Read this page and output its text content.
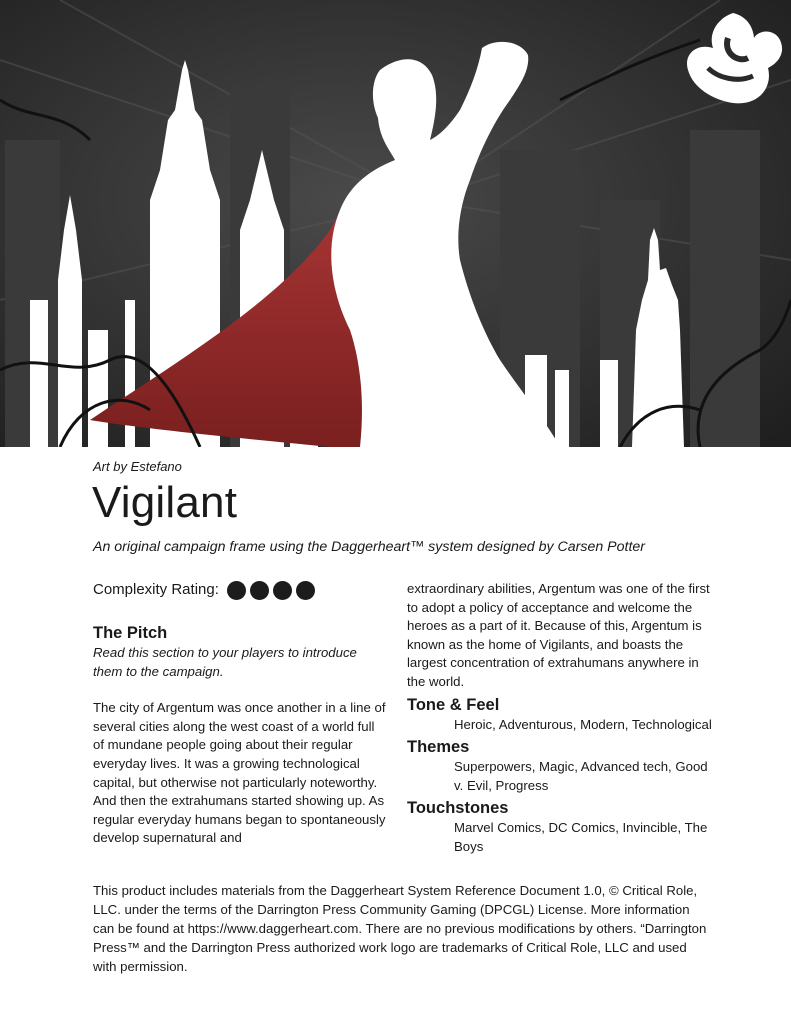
Art by Estefano
Vigilant
An original campaign frame using the Daggerheart™ system designed by Carsen Potter
Complexity Rating:
The Pitch

Read this section to your players to introduce them to the campaign.

The city of Argentum was once another in a line of several cities along the west coast of a world full of mundane people going about their regular everyday lives. It was a growing technological capital, but otherwise not particularly noteworthy.

And then the extrahumans started showing up. As regular everyday humans began to spontaneously develop supernatural and

extraordinary abilities, Argentum was one of the first to adopt a policy of acceptance and welcome the heroes as a part of it. Because of this, Argentum is known as the home of Vigilants, and boasts the largest concentration of extrahumans anywhere in the world.

Tone & Feel
Heroic, Adventurous, Modern, Technological
Themes
Superpowers, Magic, Advanced tech, Good v. Evil, Progress
Touchstones
Marvel Comics, DC Comics, Invincible, The Boys
This product includes materials from the Daggerheart System Reference Document 1.0, © Critical Role, LLC. under the terms of the Darrington Press Community Gaming (DPCGL) License. More information can be found at https://www.daggerheart.com. There are no previous modifications by others. “Darrington Press™ and the Darrington Press authorized work logo are trademarks of Critical Role, LLC and used with permission.
